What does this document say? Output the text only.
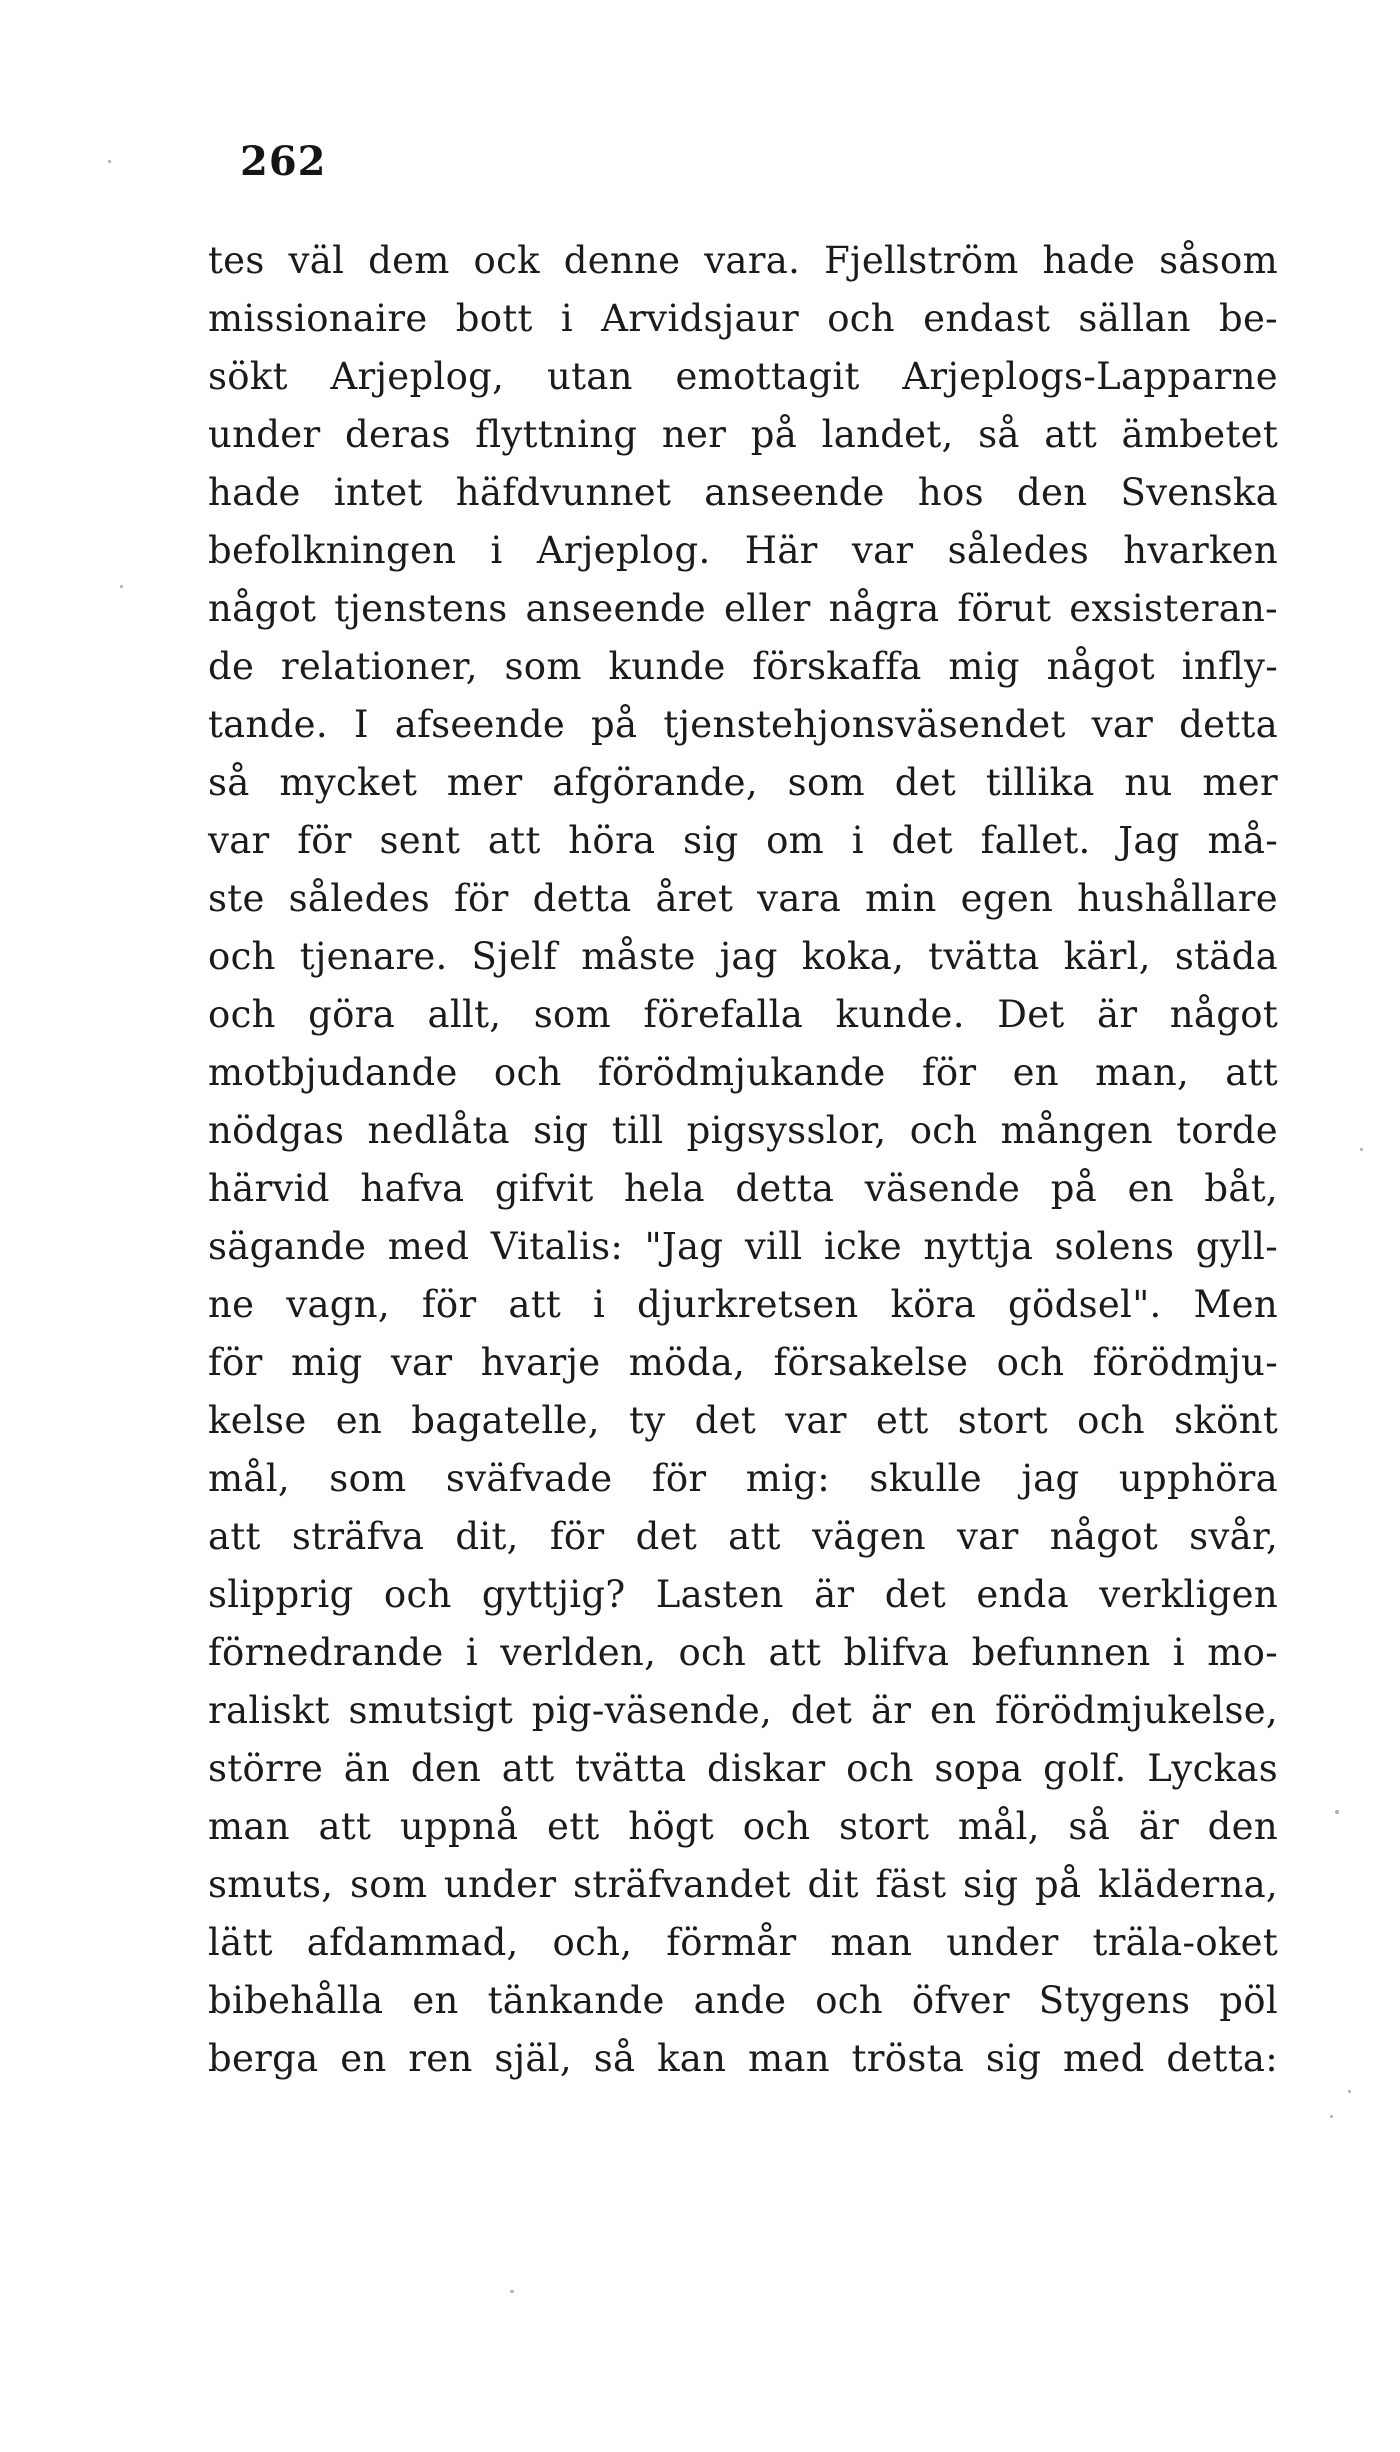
262
tes väl dem ock denne vara. Fjellström hade såsom
missionaire bott i Arvidsjaur och endast sällan be-
sökt Arjeplog, utan emottagit Arjeplogs-Lapparne
under deras flyttning ner på landet, så att ämbetet
hade intet häfdvunnet anseende hos den Svenska
befolkningen i Arjeplog. Här var således hvarken
något tjenstens anseende eller några förut exsisteran-
de relationer, som kunde förskaffa mig något infly-
tande. I afseende på tjenstehjonsväsendet var detta
så mycket mer afgörande, som det tillika nu mer
var för sent att höra sig om i det fallet. Jag må-
ste således för detta året vara min egen hushållare
och tjenare. Sjelf måste jag koka, tvätta kärl, städa
och göra allt, som förefalla kunde. Det är något
motbjudande och förödmjukande för en man, att
nödgas nedlåta sig till pigsysslor, och mången torde
härvid hafva gifvit hela detta väsende på en båt,
sägande med Vitalis: "Jag vill icke nyttja solens gyll-
ne vagn, för att i djurkretsen köra gödsel". Men
för mig var hvarje möda, försakelse och förödmju-
kelse en bagatelle, ty det var ett stort och skönt
mål, som sväfvade för mig: skulle jag upphöra
att sträfva dit, för det att vägen var något svår,
slipprig och gyttjig? Lasten är det enda verkligen
förnedrande i verlden, och att blifva befunnen i mo-
raliskt smutsigt pig-väsende, det är en förödmjukelse,
större än den att tvätta diskar och sopa golf. Lyckas
man att uppnå ett högt och stort mål, så är den
smuts, som under sträfvandet dit fäst sig på kläderna,
lätt afdammad, och, förmår man under träla-oket
bibehålla en tänkande ande och öfver Stygens pöl
berga en ren själ, så kan man trösta sig med detta:
